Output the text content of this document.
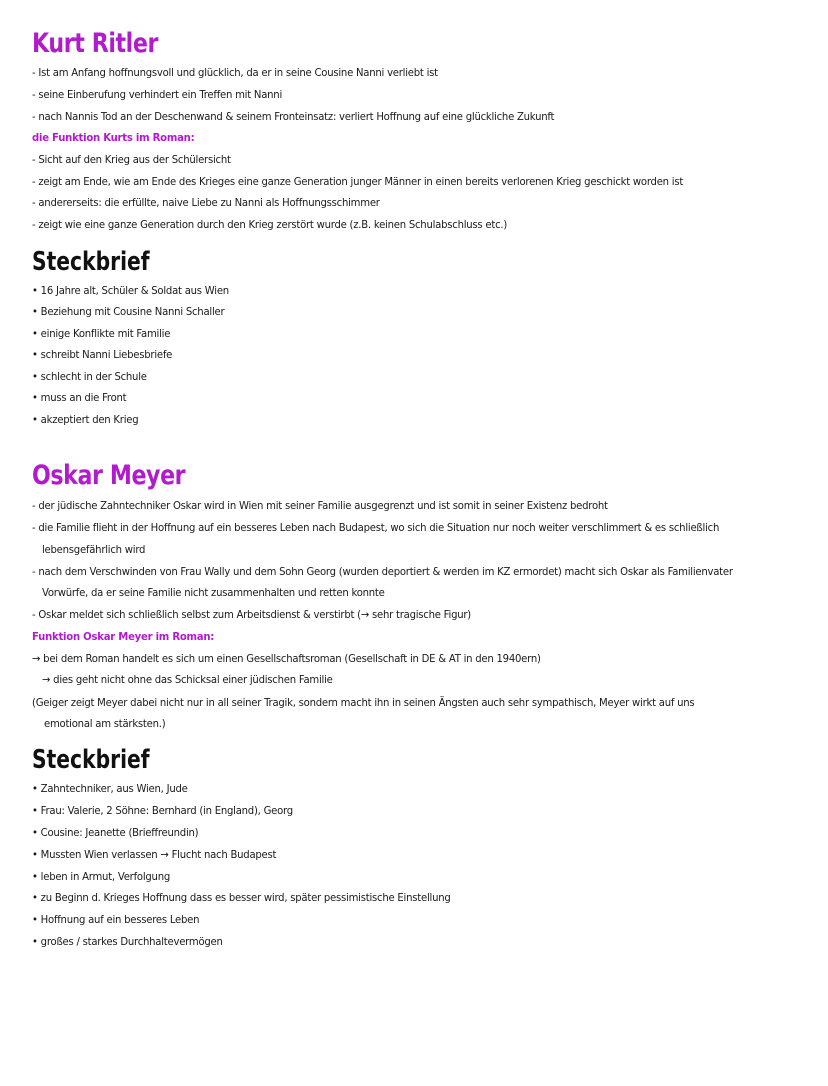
Kurt Ritler
- Ist am Anfang hoffnungsvoll und glücklich, da er in seine Cousine Nanni verliebt ist
- seine Einberufung verhindert ein Treffen mit Nanni
- nach Nannis Tod an der Deschenwand & seinem Fronteinsatz: verliert Hoffnung auf eine glückliche Zukunft
die Funktion Kurts im Roman:
- Sicht auf den Krieg aus der Schülersicht
- zeigt am Ende, wie am Ende des Krieges eine ganze Generation junger Männer in einen bereits verlorenen Krieg geschickt worden ist
- andererseits: die erfüllte, naive Liebe zu Nanni als Hoffnungsschimmer
- zeigt wie eine ganze Generation durch den Krieg zerstört wurde (z.B. keinen Schulabschluss etc.)
Steckbrief
• 16 Jahre alt, Schüler & Soldat aus Wien
• Beziehung mit Cousine Nanni Schaller
• einige Konflikte mit Familie
• schreibt Nanni Liebesbriefe
• schlecht in der Schule
• muss an die Front
• akzeptiert den Krieg
Oskar Meyer
- der jüdische Zahntechniker Oskar wird in Wien mit seiner Familie ausgegrenzt und ist somit in seiner Existenz bedroht
- die Familie flieht in der Hoffnung auf ein besseres Leben nach Budapest, wo sich die Situation nur noch weiter verschlimmert & es schließlich
lebensgefährlich wird
- nach dem Verschwinden von Frau Wally und dem Sohn Georg (wurden deportiert & werden im KZ ermordet) macht sich Oskar als Familienvater
Vorwürfe, da er seine Familie nicht zusammenhalten und retten konnte
- Oskar meldet sich schließlich selbst zum Arbeitsdienst & verstirbt (→ sehr tragische Figur)
Funktion Oskar Meyer im Roman:
→ bei dem Roman handelt es sich um einen Gesellschaftsroman (Gesellschaft in DE & AT in den 1940ern)
→ dies geht nicht ohne das Schicksal einer jüdischen Familie
(Geiger zeigt Meyer dabei nicht nur in all seiner Tragik, sondern macht ihn in seinen Ängsten auch sehr sympathisch, Meyer wirkt auf uns
emotional am stärksten.)
Steckbrief
• Zahntechniker, aus Wien, Jude
• Frau: Valerie, 2 Söhne: Bernhard (in England), Georg
• Cousine: Jeanette (Brieffreundin)
• Mussten Wien verlassen → Flucht nach Budapest
• leben in Armut, Verfolgung
• zu Beginn d. Krieges Hoffnung dass es besser wird, später pessimistische Einstellung
• Hoffnung auf ein besseres Leben
• großes / starkes Durchhaltevermögen
